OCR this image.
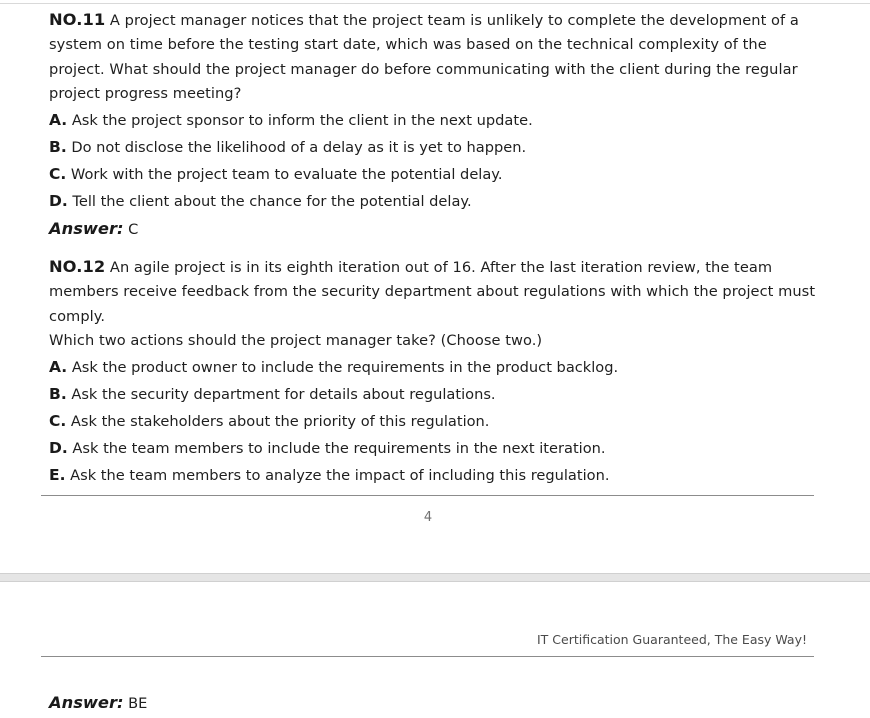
NO.11 A project manager notices that the project team is unlikely to complete the development of a system on time before the testing start date, which was based on the technical complexity of the project. What should the project manager do before communicating with the client during the regular project progress meeting?
A. Ask the project sponsor to inform the client in the next update.
B. Do not disclose the likelihood of a delay as it is yet to happen.
C. Work with the project team to evaluate the potential delay.
D. Tell the client about the chance for the potential delay.
Answer: C
NO.12 An agile project is in its eighth iteration out of 16. After the last iteration review, the team members receive feedback from the security department about regulations with which the project must comply.
Which two actions should the project manager take? (Choose two.)
A. Ask the product owner to include the requirements in the product backlog.
B. Ask the security department for details about regulations.
C. Ask the stakeholders about the priority of this regulation.
D. Ask the team members to include the requirements in the next iteration.
E. Ask the team members to analyze the impact of including this regulation.
4
IT Certification Guaranteed, The Easy Way!
Answer: BE
